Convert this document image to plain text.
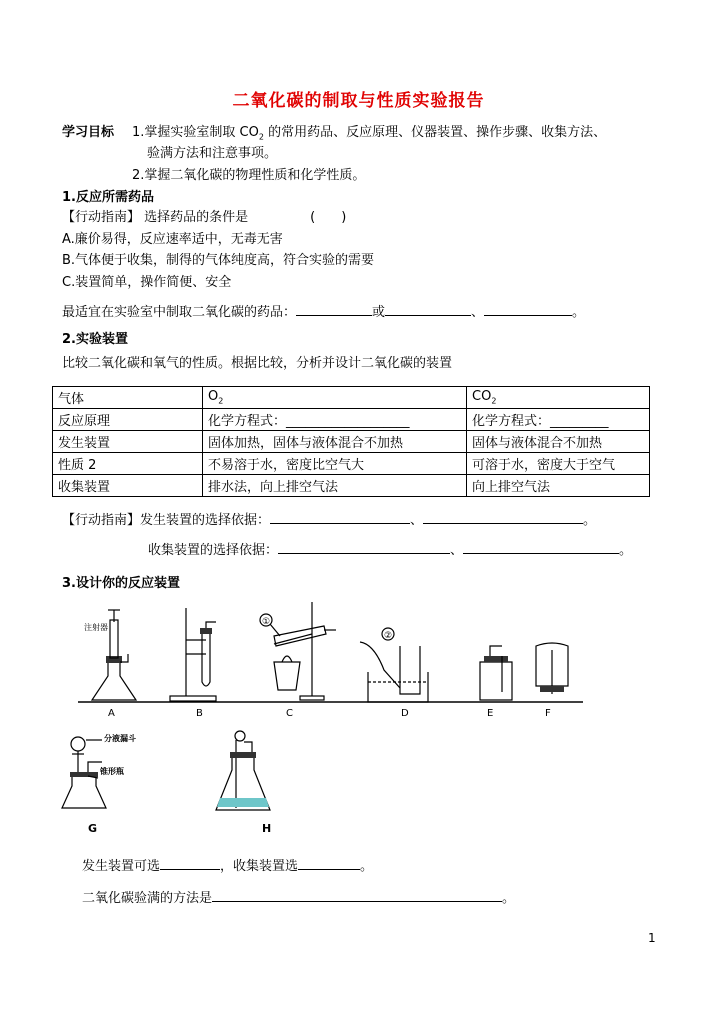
二氧化碳的制取与性质实验报告
学习目标 1.掌握实验室制取 $CO_2$ 的常用药品、反应原理、仪器装置、操作步骤、收集方法、
验满方法和注意事项。
2.掌握二氧化碳的物理性质和化学性质。
1.反应所需药品
【行动指南】 选择药品的条件是	(　　)
A.廉价易得，反应速率适中，无毒无害
B.气体便于收集，制得的气体纯度高，符合实验的需要
C.装置简单，操作简便、安全
最适宜在实验室中制取二氧化碳的药品：	或	、	。
2.实验装置
比较二氧化碳和氧气的性质。根据比较，分析并设计二氧化碳的装置
气体	$O_2$	$CO_2$
反应原理	化学方程式：___________________	化学方程式：_________
发生装置	固体加热，固体与液体混合不加热	固体与液体混合不加热
性质 2	不易溶于水，密度比空气大	可溶于水，密度大于空气
收集装置	排水法，向上排空气法	向上排空气法
【行动指南】发生装置的选择依据：	、	。
收集装置的选择依据：	、	。
3.设计你的反应装置
注射器
①
②
A	B	C	D	E	F
分液漏斗
锥形瓶
G	H
发生装置可选	，收集装置选	。
二氧化碳验满的方法是	。
1
